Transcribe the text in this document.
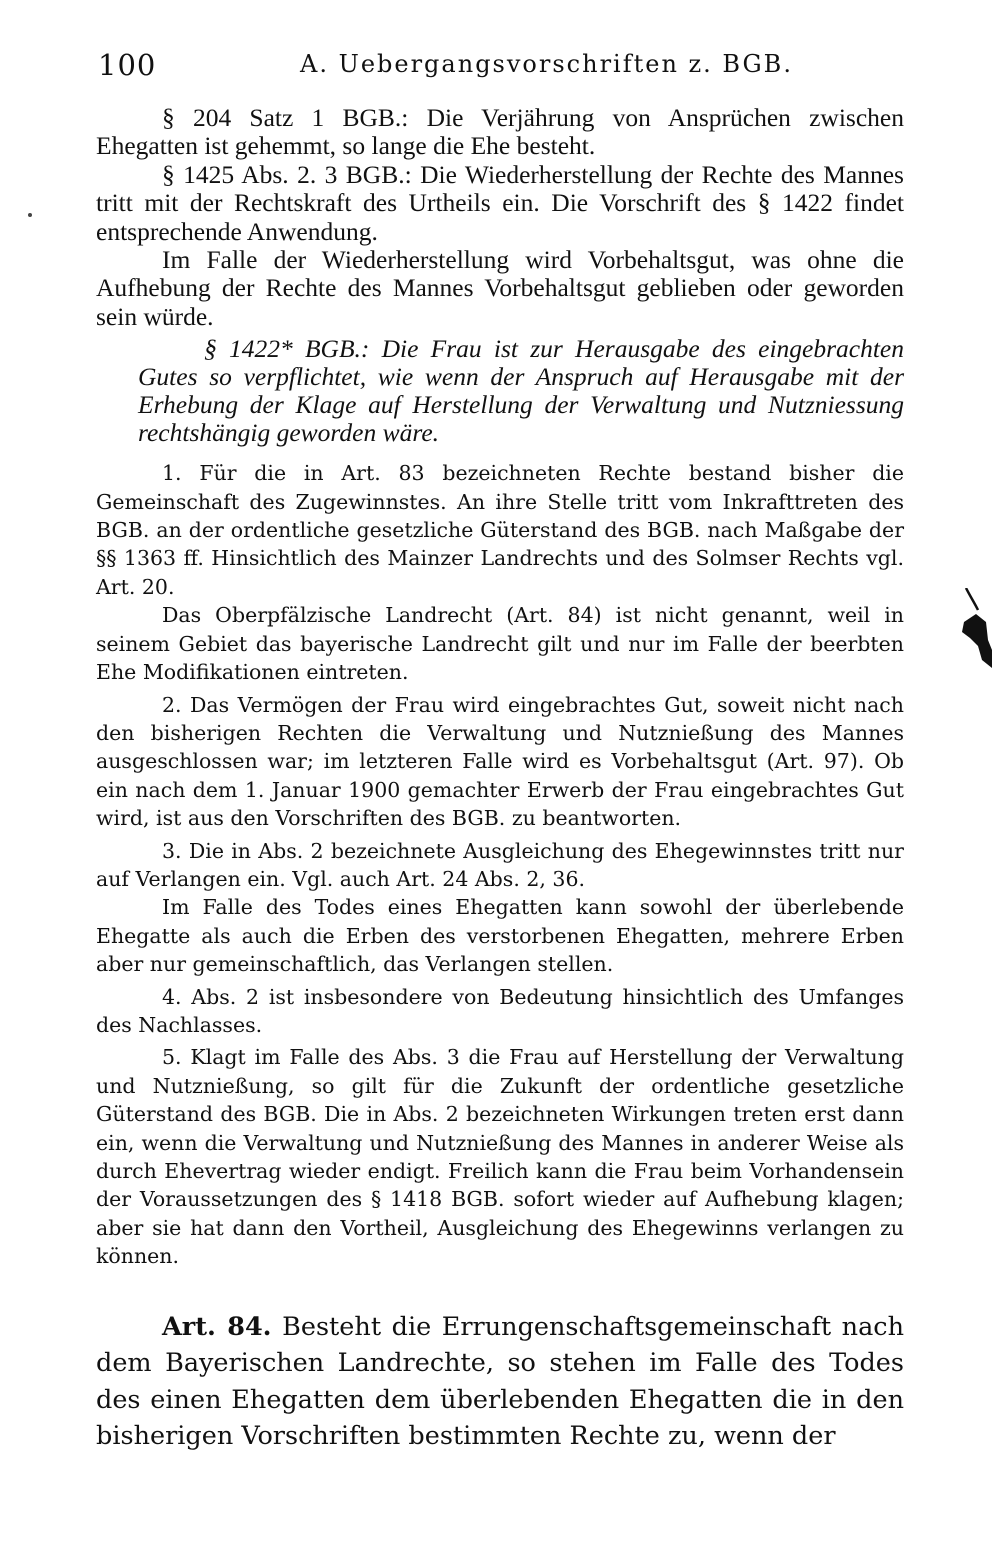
100	A. Uebergangsvorschriften z. BGB.

§ 204 Satz 1 BGB.: Die Verjährung von Ansprüchen zwischen Ehegatten ist gehemmt, so lange die Ehe besteht.

§ 1425 Abs. 2. 3 BGB.: Die Wiederherstellung der Rechte des Mannes tritt mit der Rechtskraft des Urtheils ein. Die Vorschrift des § 1422 findet entsprechende Anwendung.

Im Falle der Wiederherstellung wird Vorbehaltsgut, was ohne die Aufhebung der Rechte des Mannes Vorbehaltsgut geblieben oder geworden sein würde.

§ 1422* BGB.: Die Frau ist zur Herausgabe des eingebrachten Gutes so verpflichtet, wie wenn der Anspruch auf Herausgabe mit der Erhebung der Klage auf Herstellung der Verwaltung und Nutzniessung rechtshängig geworden wäre.

1. Für die in Art. 83 bezeichneten Rechte bestand bisher die Gemeinschaft des Zugewinnstes. An ihre Stelle tritt vom Inkrafttreten des BGB. an der ordentliche gesetzliche Güterstand des BGB. nach Maßgabe der §§ 1363 ff. Hinsichtlich des Mainzer Landrechts und des Solmser Rechts vgl. Art. 20.

Das Oberpfälzische Landrecht (Art. 84) ist nicht genannt, weil in seinem Gebiet das bayerische Landrecht gilt und nur im Falle der beerbten Ehe Modifikationen eintreten.

2. Das Vermögen der Frau wird eingebrachtes Gut, soweit nicht nach den bisherigen Rechten die Verwaltung und Nutznießung des Mannes ausgeschlossen war; im letzteren Falle wird es Vorbehaltsgut (Art. 97). Ob ein nach dem 1. Januar 1900 gemachter Erwerb der Frau eingebrachtes Gut wird, ist aus den Vorschriften des BGB. zu beantworten.

3. Die in Abs. 2 bezeichnete Ausgleichung des Ehegewinnstes tritt nur auf Verlangen ein. Vgl. auch Art. 24 Abs. 2, 36.

Im Falle des Todes eines Ehegatten kann sowohl der überlebende Ehegatte als auch die Erben des verstorbenen Ehegatten, mehrere Erben aber nur gemeinschaftlich, das Verlangen stellen.

4. Abs. 2 ist insbesondere von Bedeutung hinsichtlich des Umfanges des Nachlasses.

5. Klagt im Falle des Abs. 3 die Frau auf Herstellung der Verwaltung und Nutznießung, so gilt für die Zukunft der ordentliche gesetzliche Güterstand des BGB. Die in Abs. 2 bezeichneten Wirkungen treten erst dann ein, wenn die Verwaltung und Nutznießung des Mannes in anderer Weise als durch Ehevertrag wieder endigt. Freilich kann die Frau beim Vorhandensein der Voraussetzungen des § 1418 BGB. sofort wieder auf Aufhebung klagen; aber sie hat dann den Vortheil, Ausgleichung des Ehegewinns verlangen zu können.

Art. 84. Besteht die Errungenschaftsgemeinschaft nach dem Bayerischen Landrechte, so stehen im Falle des Todes des einen Ehegatten dem überlebenden Ehegatten die in den bisherigen Vorschriften bestimmten Rechte zu, wenn der
